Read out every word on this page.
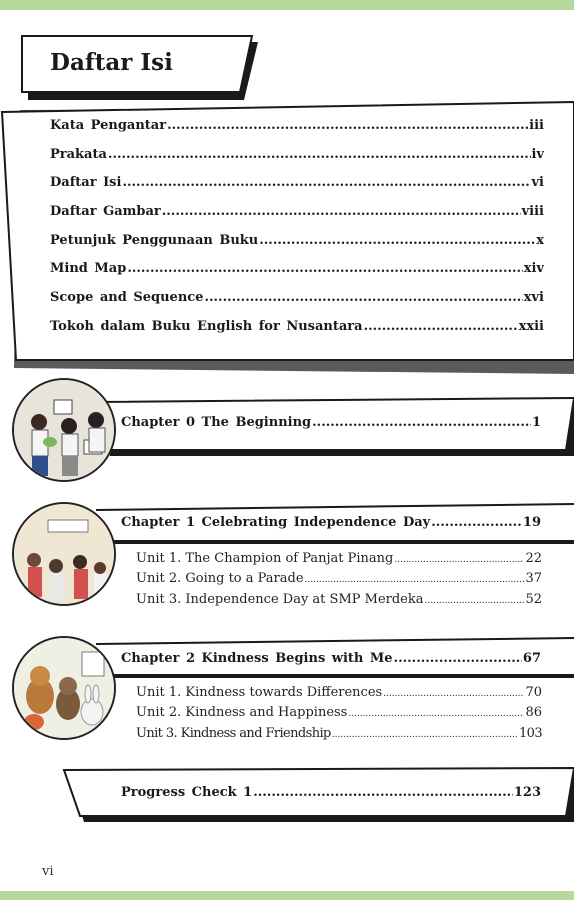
Daftar Isi
Kata Pengantar .....	iii
Prakata .....	iv
Daftar Isi .....	vi
Daftar Gambar .....	viii
Petunjuk Penggunaan Buku .....	x
Mind Map .....	xiv
Scope and Sequence .....	xvi
Tokoh dalam Buku English for Nusantara .....	xxii
Chapter 0 The Beginning .....	1
Chapter 1 Celebrating Independence Day .....	19
Unit 1. The Champion of Panjat Pinang .....	22
Unit 2. Going to a Parade .....	37
Unit 3. Independence Day at SMP Merdeka .....	52
Chapter 2 Kindness Begins with Me .....	67
Unit 1. Kindness towards Differences .....	70
Unit 2. Kindness and Happiness .....	86
Unit 3. Kindness and Friendship .....	103
Progress Check 1 .....	123
vi
